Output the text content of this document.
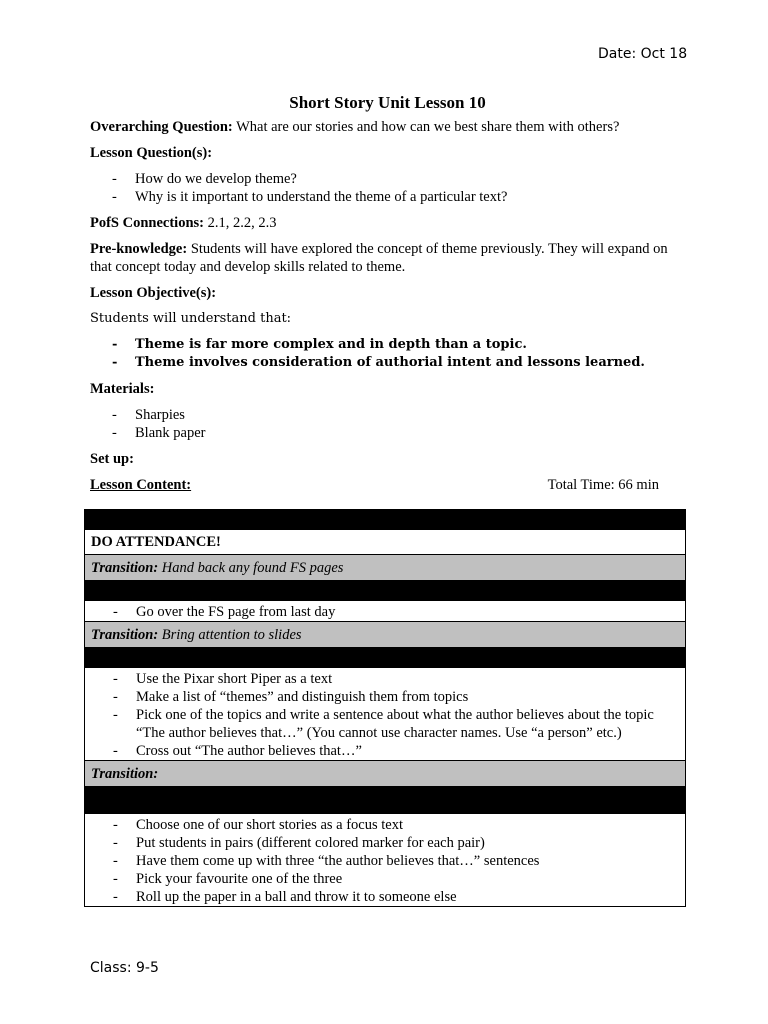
Date: Oct 18
Short Story Unit Lesson 10

Overarching Question: What are our stories and how can we best share them with others?

Lesson Question(s):

- How do we develop theme?
- Why is it important to understand the theme of a particular text?

PofS Connections: 2.1, 2.2, 2.3

Pre-knowledge: Students will have explored the concept of theme previously. They will expand on that concept today and develop skills related to theme.

Lesson Objective(s):

Students will understand that:

- Theme is far more complex and in depth than a topic.
- Theme involves consideration of authorial intent and lessons learned.

Materials:

- Sharpies
- Blank paper

Set up:

Lesson Content:	Total Time: 66 min

DO ATTENDANCE!
Transition: Hand back any found FS pages

- Go over the FS page from last day

Transition: Bring attention to slides

- Use the Pixar short Piper as a text
- Make a list of “themes” and distinguish them from topics
- Pick one of the topics and write a sentence about what the author believes about the topic “The author believes that…” (You cannot use character names. Use “a person” etc.)
- Cross out “The author believes that…”

Transition:

- Choose one of our short stories as a focus text
- Put students in pairs (different colored marker for each pair)
- Have them come up with three “the author believes that…” sentences
- Pick your favourite one of the three
- Roll up the paper in a ball and throw it to someone else
Class: 9-5
